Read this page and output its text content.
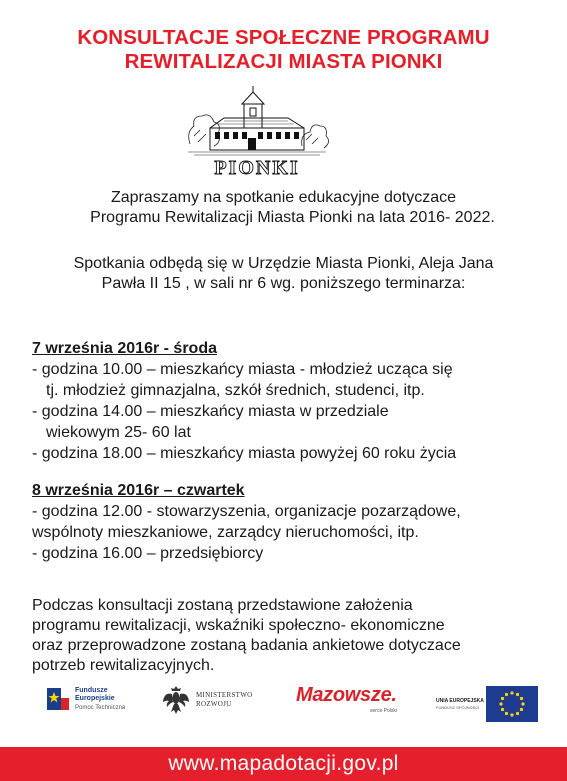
KONSULTACJE SPOŁECZNE PROGRAMU
REWITALIZACJI MIASTA PIONKI
PIONKI
Zapraszamy na spotkanie edukacyjne dotyczace
Programu Rewitalizacji Miasta Pionki na lata 2016- 2022.
Spotkania odbędą się w Urzędzie Miasta Pionki, Aleja Jana
Pawła II 15 , w sali nr 6 wg. poniższego terminarza:
7 września 2016r - środa
- godzina 10.00 – mieszkańcy miasta - młodzież ucząca się
tj. młodzież gimnazjalna, szkół średnich, studenci, itp.
- godzina 14.00 – mieszkańcy miasta w przedziale
wiekowym 25- 60 lat
- godzina 18.00 – mieszkańcy miasta powyżej 60 roku życia
8 września 2016r – czwartek
- godzina 12.00 - stowarzyszenia, organizacje pozarządowe,
wspólnoty mieszkaniowe, zarządcy nieruchomości, itp.
- godzina 16.00 – przedsiębiorcy
Podczas konsultacji zostaną przedstawione założenia
programu rewitalizacji, wskaźniki społeczno- ekonomiczne
oraz przeprowadzone zostaną badania ankietowe dotyczace
potrzeb rewitalizacyjnych.
Fundusze
Europejskie
Pomoc Techniczna
MINISTERSTWO
ROZWOJU	Mazowsze.
serce Polski
UNIA EUROPEJSKA
FUNDUSZ SPÓJNOŚCI
www.mapadotacji.gov.pl
